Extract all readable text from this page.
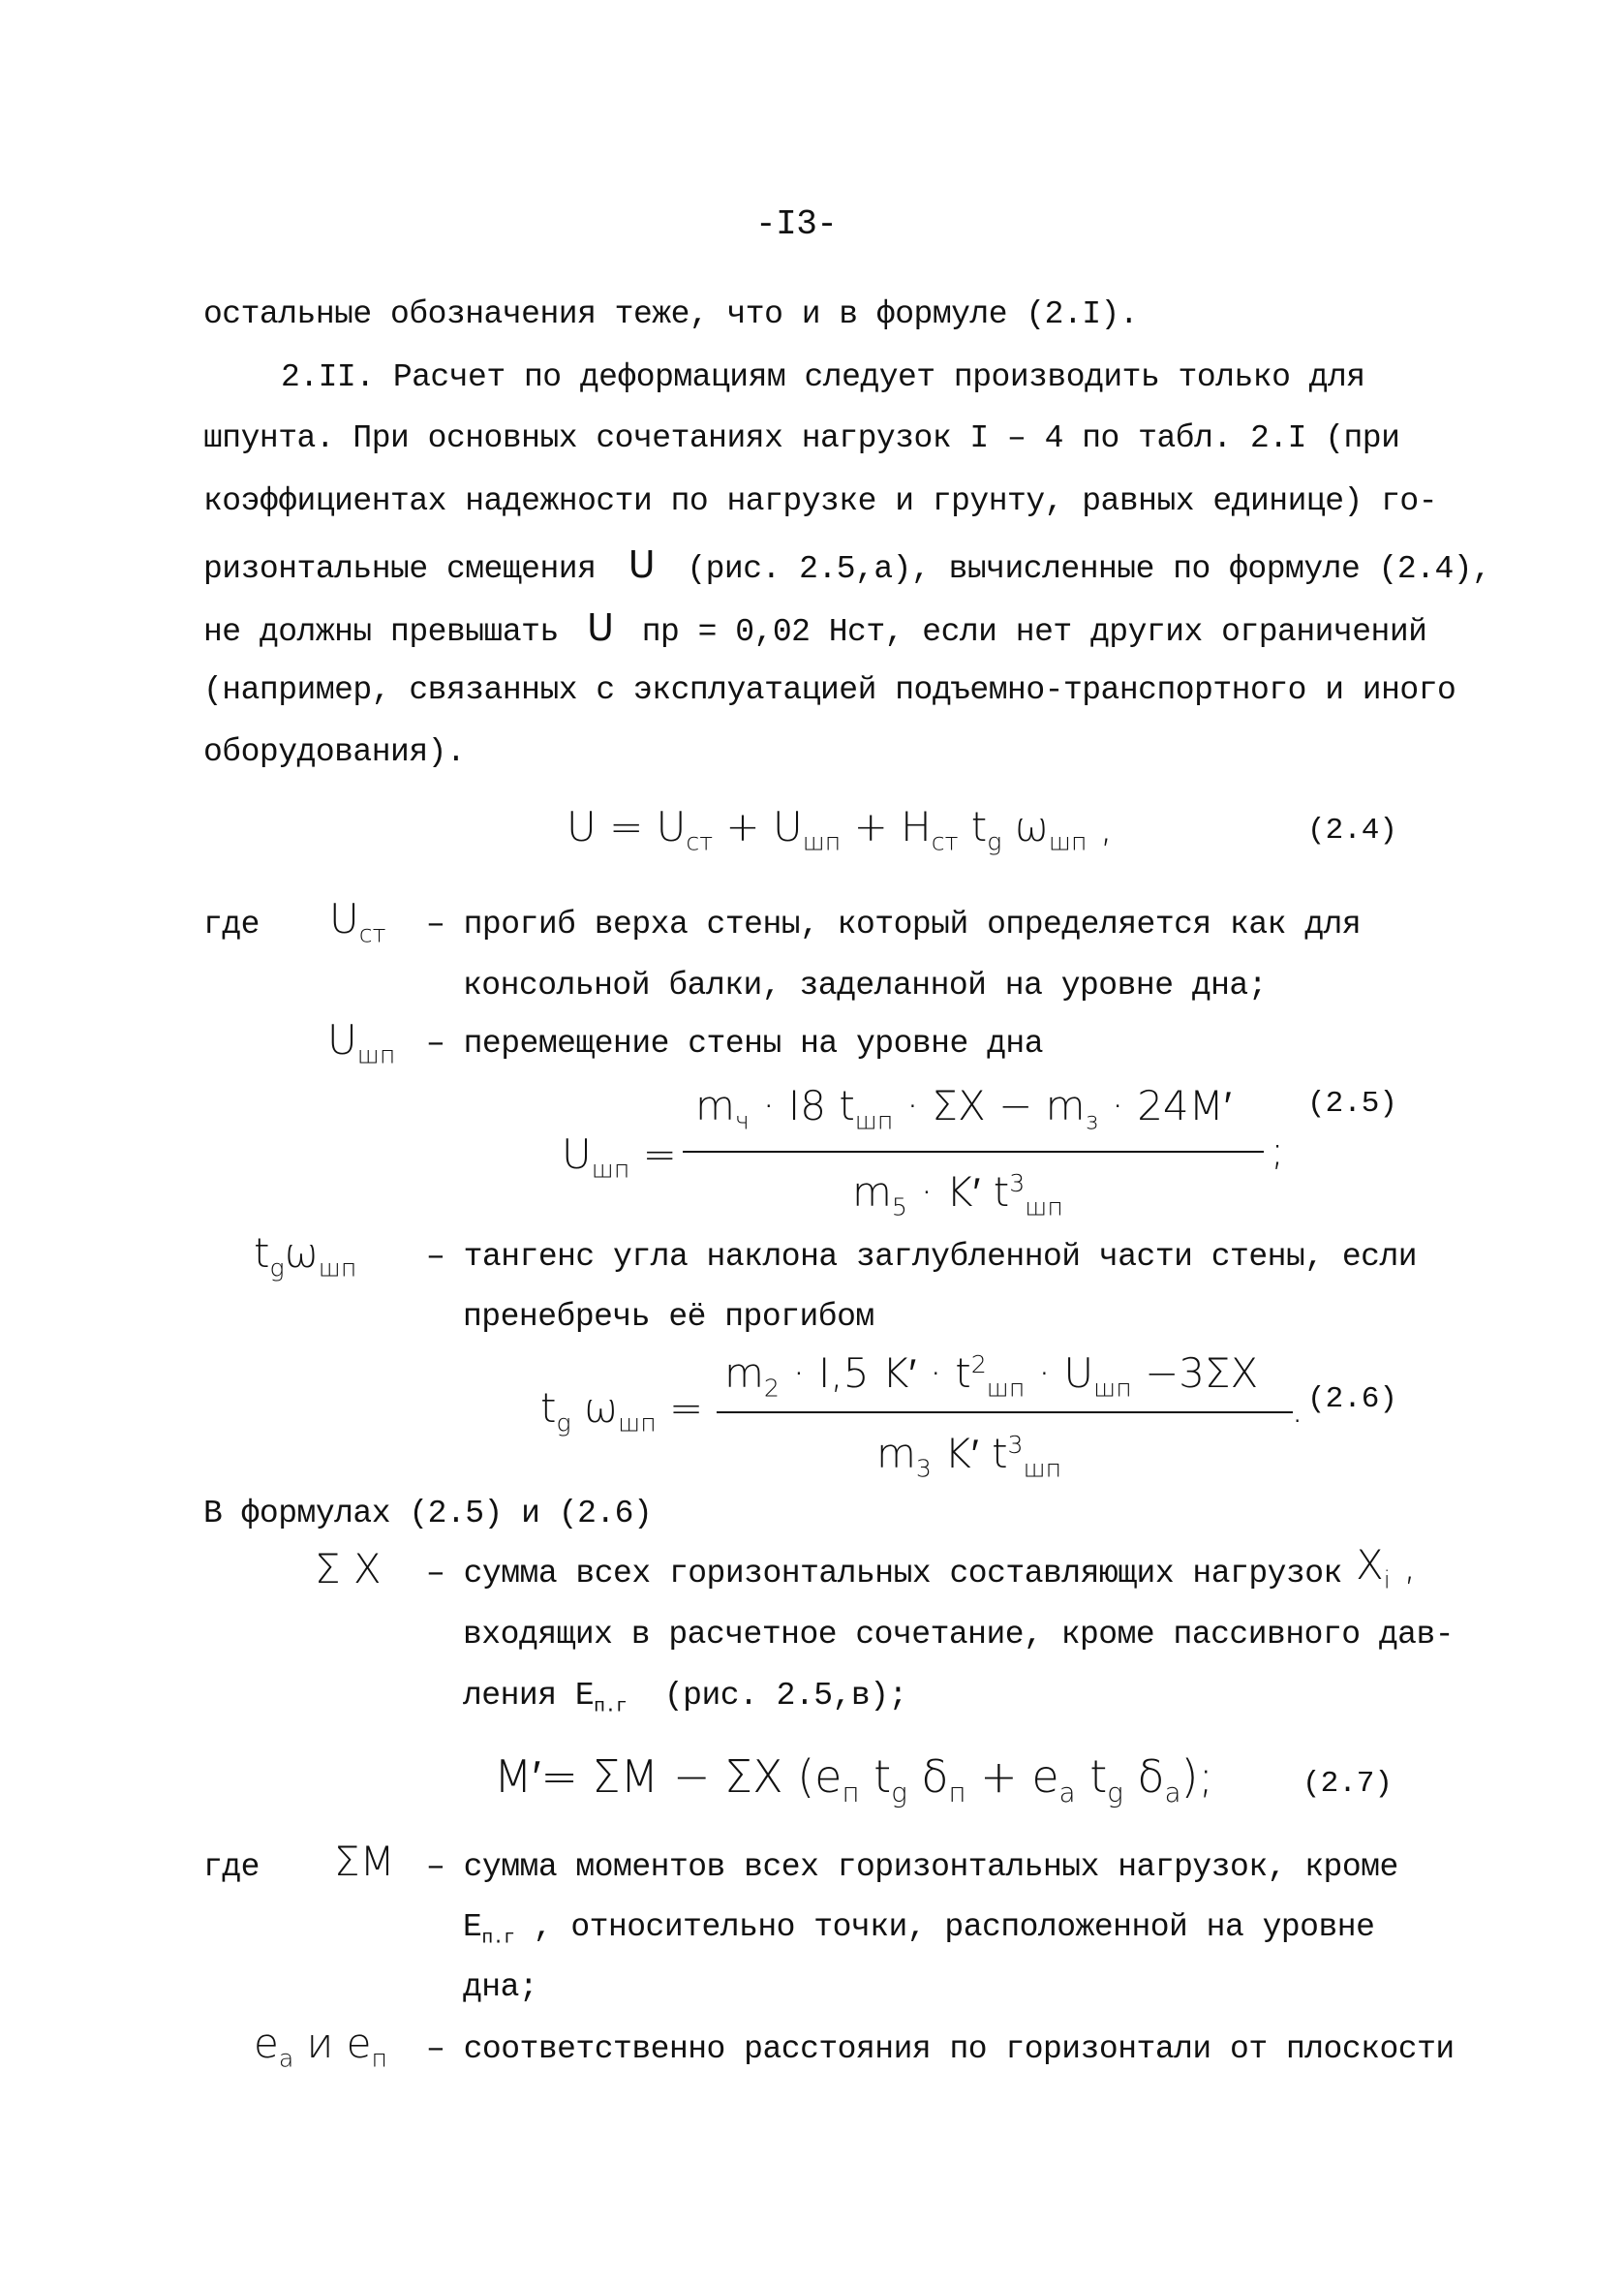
-I3-
остальные обозначения теже, что и в формуле (2.I).
2.II. Расчет по деформациям следует производить только для
шпунта. При основных сочетаниях нагрузок I – 4 по табл. 2.I (при
коэффициентах надежности по нагрузке и грунту, равных единице) го-
ризонтальные смещения U (рис. 2.5,а), вычисленные по формуле (2.4),
не должны превышать U пр = 0,02 Нст, если нет других ограничений
(например, связанных с эксплуатацией подъемно-транспортного и иного
оборудования).
$U = U_{ст} + U_{шп} + H_{ст}$ $t_g$ $\omega_{шп}$ ,	(2.4)
где $U_{ст}$ – прогиб верха стены, который определяется как для
консольной балки, заделанной на уровне дна;
$U_{шп}$ – перемещение стены на уровне дна
$U_{шп}$ =
$m_ч \cdot I8$ $t_{шп} \cdot \Sigma X - m_з \cdot 24M'$
$m_5 \cdot K'$ $t^3_{шп}$
;
(2.5)
$t_g\omega_{шп}$ – тангенс угла наклона заглубленной части стены, если
пренебречь её прогибом
$t_g$ $\omega_{шп}$ =
$m_2 \cdot I,5$ $K' \cdot t^2_{шп} \cdot U_{шп} -3\Sigma X$
$m_3$ K′ $t^3_{шп}$
. (2.6)
В формулах (2.5) и (2.6)
Σ X – сумма всех горизонтальных составляющих нагрузок $X_i$ ,
входящих в расчетное сочетание, кроме пассивного дав-
ления $E_{п.г}$  (рис. 2.5,в);
M′= ΣM − ΣX ($e_п$ $t_g$ $\delta_п + e_а$ $t_g$ $\delta_а$);	(2.7)
где ΣM – сумма моментов всех горизонтальных нагрузок, кроме
$E_{п.г}$ , относительно точки, расположенной на уровне
дна;
$e_а$ и $e_п$ – соответственно расстояния по горизонтали от плоскости
